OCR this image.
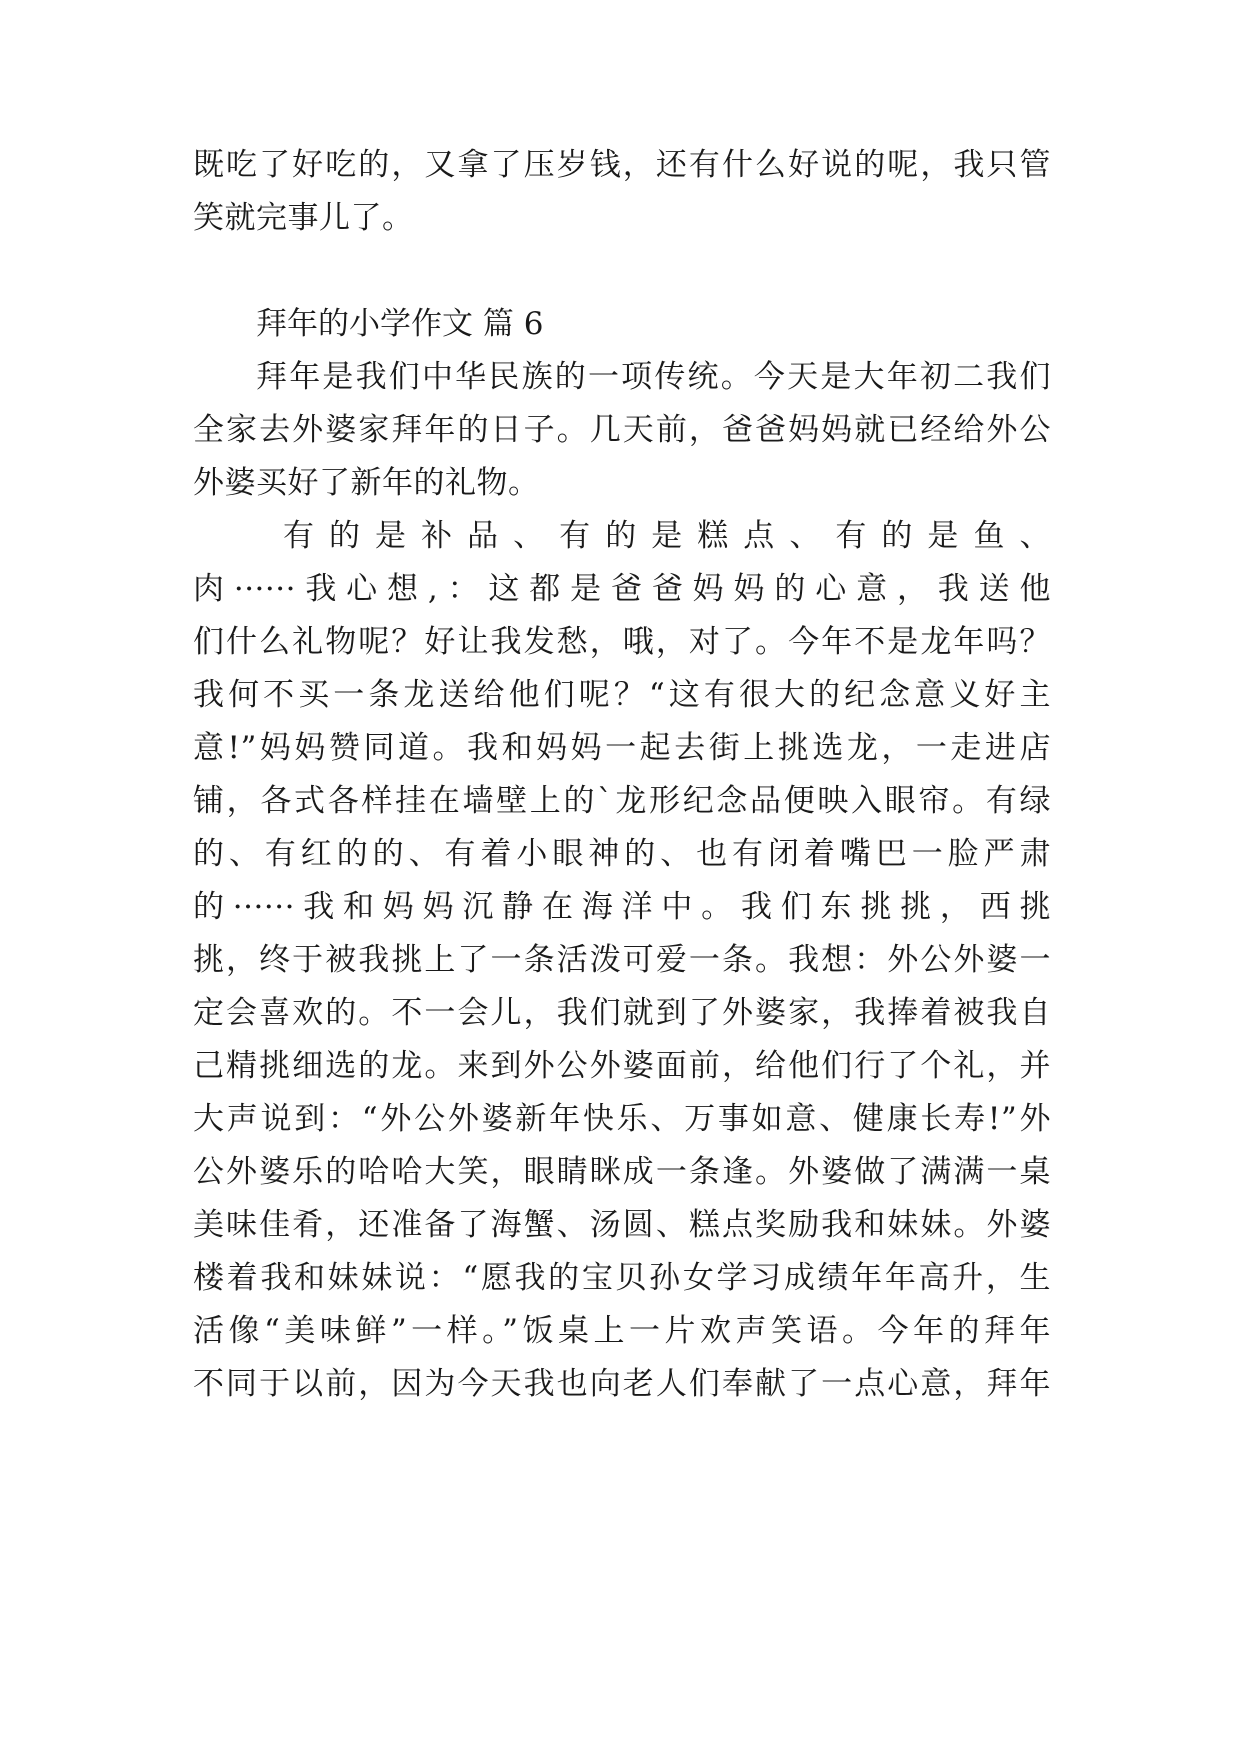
既吃了好吃的，又拿了压岁钱，还有什么好说的呢，我只管
笑就完事儿了。
拜年的小学作文 篇 6
拜年是我们中华民族的一项传统。今天是大年初二我们
全家去外婆家拜年的日子。几天前，爸爸妈妈就已经给外公
外婆买好了新年的礼物。
有的是补品、有的是糕点、有的是鱼、
肉······我心想,：这都是爸爸妈妈的心意，我送他
们什么礼物呢？好让我发愁，哦，对了。今年不是龙年吗？
我何不买一条龙送给他们呢？“这有很大的纪念意义好主
意!”妈妈赞同道。我和妈妈一起去街上挑选龙，一走进店
铺，各式各样挂在墙壁上的`龙形纪念品便映入眼帘。有绿
的、有红的的、有着小眼神的、也有闭着嘴巴一脸严肃
的······我和妈妈沉静在海洋中。我们东挑挑，西挑
挑，终于被我挑上了一条活泼可爱一条。我想：外公外婆一
定会喜欢的。不一会儿，我们就到了外婆家，我捧着被我自
己精挑细选的龙。来到外公外婆面前，给他们行了个礼，并
大声说到：“外公外婆新年快乐、万事如意、健康长寿!”外
公外婆乐的哈哈大笑，眼睛眯成一条逢。外婆做了满满一桌
美味佳肴，还准备了海蟹、汤圆、糕点奖励我和妹妹。外婆
楼着我和妹妹说：“愿我的宝贝孙女学习成绩年年高升，生
活像“美味鲜”一样。”饭桌上一片欢声笑语。今年的拜年
不同于以前，因为今天我也向老人们奉献了一点心意，拜年
